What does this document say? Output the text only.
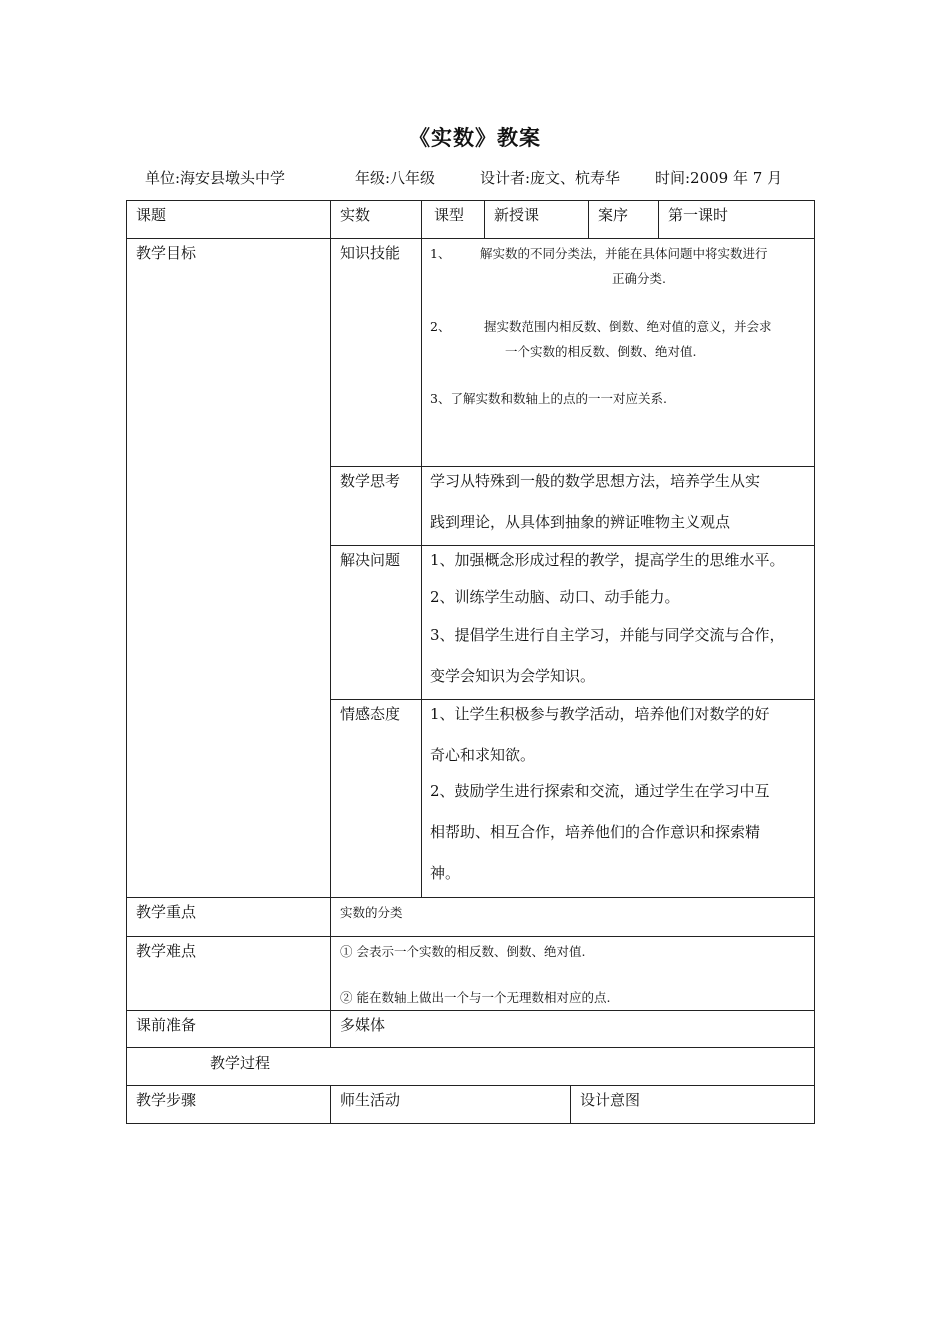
《实数》教案
单位:海安县墩头中学	年级:八年级	设计者:庞文、杭寿华 时间:2009 年 7 月
课题	实数	课型 新授课	案序	第一课时
教学目标	知识技能 1、 解实数的不同分类法，并能在具体问题中将实数进行
正确分类.
2、	握实数范围内相反数、倒数、绝对值的意义，并会求
一个实数的相反数、倒数、绝对值.
3、了解实数和数轴上的点的一一对应关系.
数学思考 学习从特殊到一般的数学思想方法，培养学生从实
践到理论，从具体到抽象的辨证唯物主义观点
解决问题 1、加强概念形成过程的教学，提高学生的思维水平。
2、训练学生动脑、动口、动手能力。
3、提倡学生进行自主学习，并能与同学交流与合作，
变学会知识为会学知识。
情感态度 1、让学生积极参与教学活动，培养他们对数学的好
奇心和求知欲。
2、鼓励学生进行探索和交流，通过学生在学习中互
相帮助、相互合作，培养他们的合作意识和探索精
神。
教学重点	实数的分类
教学难点	① 会表示一个实数的相反数、倒数、绝对值.
② 能在数轴上做出一个与一个无理数相对应的点.
课前准备	多媒体
教学过程
教学步骤	师生活动	设计意图
